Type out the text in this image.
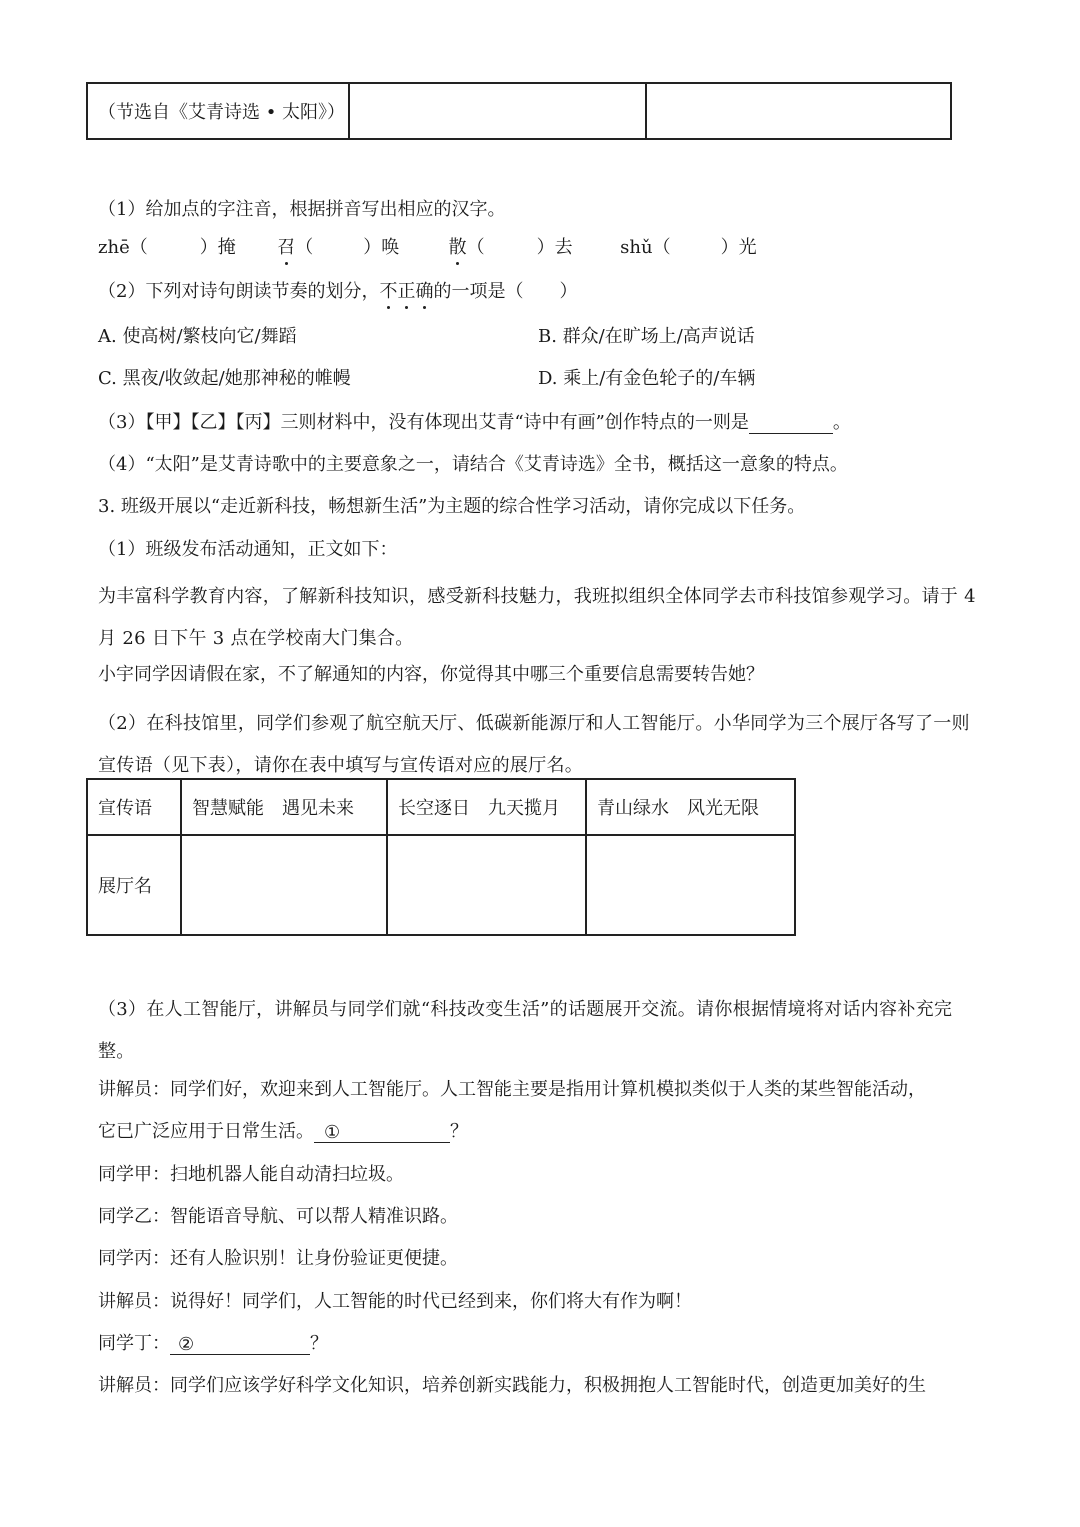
（节选自《艾青诗选 • 太阳》）		
（1）给加点的字注音，根据拼音写出相应的汉字。
zhē（	）掩 召（	）唤	散（	）去	shǔ（	）光
（2）下列对诗句朗读节奏的划分，不正确的一项是（　　）
A. 使高树/繁枝向它/舞蹈	B. 群众/在旷场上/高声说话
C. 黑夜/收敛起/她那神秘的帷幔	D. 乘上/有金色轮子的/车辆
（3）【甲】【乙】【丙】三则材料中，没有体现出艾青“诗中有画”创作特点的一则是	。
（4）“太阳”是艾青诗歌中的主要意象之一，请结合《艾青诗选》全书，概括这一意象的特点。
3. 班级开展以“走近新科技，畅想新生活”为主题的综合性学习活动，请你完成以下任务。
（1）班级发布活动通知，正文如下：
为丰富科学教育内容，了解新科技知识，感受新科技魅力，我班拟组织全体同学去市科技馆参观学习。请于 4 月 26 日下午 3 点在学校南大门集合。
小宇同学因请假在家，不了解通知的内容，你觉得其中哪三个重要信息需要转告她？
（2）在科技馆里，同学们参观了航空航天厅、低碳新能源厅和人工智能厅。小华同学为三个展厅各写了一则宣传语（见下表），请你在表中填写与宣传语对应的展厅名。
宣传语	智慧赋能　遇见未来	长空逐日　九天揽月	青山绿水　风光无限
展厅名			
（3）在人工智能厅，讲解员与同学们就“科技改变生活”的话题展开交流。请你根据情境将对话内容补充完整。
讲解员：同学们好，欢迎来到人工智能厅。人工智能主要是指用计算机模拟类似于人类的某些智能活动，
它已广泛应用于日常生活。 ①	？
同学甲：扫地机器人能自动清扫垃圾。
同学乙：智能语音导航、可以帮人精准识路。
同学丙：还有人脸识别！让身份验证更便捷。
讲解员：说得好！同学们，人工智能的时代已经到来，你们将大有作为啊！
同学丁： ②	？
讲解员：同学们应该学好科学文化知识，培养创新实践能力，积极拥抱人工智能时代，创造更加美好的生
